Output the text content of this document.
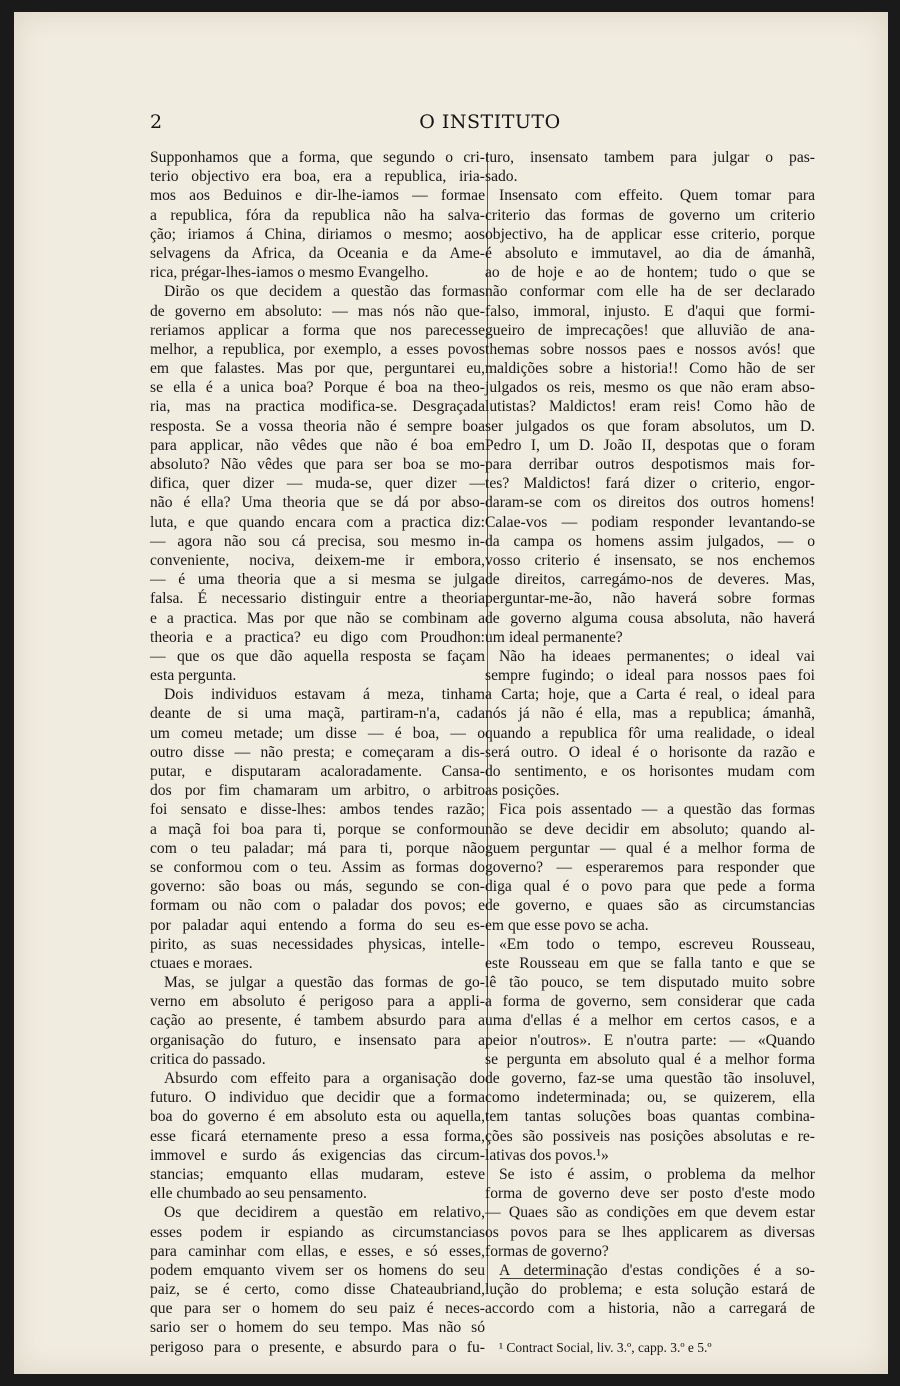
2	O INSTITUTO
Supponhamos que a forma, que segundo o cri-
terio objectivo era boa, era a republica, iria-
mos aos Beduinos e dir-lhe-iamos — formae
a republica, fóra da republica não ha salva-
ção; iriamos á China, diriamos o mesmo; aos
selvagens da Africa, da Oceania e da Ame-
rica, prégar-lhes-iamos o mesmo Evangelho.
Dirão os que decidem a questão das formas
de governo em absoluto: — mas nós não que-
reriamos applicar a forma que nos parecesse
melhor, a republica, por exemplo, a esses povos
em que falastes. Mas por que, perguntarei eu,
se ella é a unica boa? Porque é boa na theo-
ria, mas na practica modifica-se. Desgraçada
resposta. Se a vossa theoria não é sempre boa
para applicar, não vêdes que não é boa em
absoluto? Não vêdes que para ser boa se mo-
difica, quer dizer — muda-se, quer dizer —
não é ella? Uma theoria que se dá por abso-
luta, e que quando encara com a practica diz:
— agora não sou cá precisa, sou mesmo in-
conveniente, nociva, deixem-me ir embora,
— é uma theoria que a si mesma se julga
falsa. É necessario distinguir entre a theoria
e a practica. Mas por que não se combinam a
theoria e a practica? eu digo com Proudhon:
— que os que dão aquella resposta se façam
esta pergunta.
Dois individuos estavam á meza, tinham
deante de si uma maçã, partiram-n'a, cada
um comeu metade; um disse — é boa, — o
outro disse — não presta; e começaram a dis-
putar, e disputaram acaloradamente. Cansa-
dos por fim chamaram um arbitro, o arbitro
foi sensato e disse-lhes: ambos tendes razão;
a maçã foi boa para ti, porque se conformou
com o teu paladar; má para ti, porque não
se conformou com o teu. Assim as formas do
governo: são boas ou más, segundo se con-
formam ou não com o paladar dos povos; e
por paladar aqui entendo a forma do seu es-
pirito, as suas necessidades physicas, intelle-
ctuaes e moraes.
Mas, se julgar a questão das formas de go-
verno em absoluto é perigoso para a appli-
cação ao presente, é tambem absurdo para a
organisação do futuro, e insensato para a
critica do passado.
Absurdo com effeito para a organisação do
futuro. O individuo que decidir que a forma
boa do governo é em absoluto esta ou aquella,
esse ficará eternamente preso a essa forma,
immovel e surdo ás exigencias das circum-
stancias; emquanto ellas mudaram, esteve
elle chumbado ao seu pensamento.
Os que decidirem a questão em relativo,
esses podem ir espiando as circumstancias
para caminhar com ellas, e esses, e só esses,
podem emquanto vivem ser os homens do seu
paiz, se é certo, como disse Chateaubriand,
que para ser o homem do seu paiz é neces-
sario ser o homem do seu tempo. Mas não só
perigoso para o presente, e absurdo para o fu-
turo, insensato tambem para julgar o pas-
sado.
Insensato com effeito. Quem tomar para
criterio das formas de governo um criterio
objectivo, ha de applicar esse criterio, porque
é absoluto e immutavel, ao dia de ámanhã,
ao de hoje e ao de hontem; tudo o que se
não conformar com elle ha de ser declarado
falso, immoral, injusto. E d'aqui que formi-
gueiro de imprecações! que alluvião de ana-
themas sobre nossos paes e nossos avós! que
maldições sobre a historia!! Como hão de ser
julgados os reis, mesmo os que não eram abso-
lutistas? Maldictos! eram reis! Como hão de
ser julgados os que foram absolutos, um D.
Pedro I, um D. João II, despotas que o foram
para derribar outros despotismos mais for-
tes? Maldictos! fará dizer o criterio, engor-
daram-se com os direitos dos outros homens!
Calae-vos — podiam responder levantando-se
da campa os homens assim julgados, — o
vosso criterio é insensato, se nos enchemos
de direitos, carregámo-nos de deveres. Mas,
perguntar-me-ão, não haverá sobre formas
de governo alguma cousa absoluta, não haverá
um ideal permanente?
Não ha ideaes permanentes; o ideal vai
sempre fugindo; o ideal para nossos paes foi
a Carta; hoje, que a Carta é real, o ideal para
nós já não é ella, mas a republica; ámanhã,
quando a republica fôr uma realidade, o ideal
será outro. O ideal é o horisonte da razão e
do sentimento, e os horisontes mudam com
as posições.
Fica pois assentado — a questão das formas
não se deve decidir em absoluto; quando al-
guem perguntar — qual é a melhor forma de
governo? — esperaremos para responder que
diga qual é o povo para que pede a forma
de governo, e quaes são as circumstancias
em que esse povo se acha.
«Em todo o tempo, escreveu Rousseau,
este Rousseau em que se falla tanto e que se
lê tão pouco, se tem disputado muito sobre
a forma de governo, sem considerar que cada
uma d'ellas é a melhor em certos casos, e a
peior n'outros». E n'outra parte: — «Quando
se pergunta em absoluto qual é a melhor forma
de governo, faz-se uma questão tão insoluvel,
como indeterminada; ou, se quizerem, ella
tem tantas soluções boas quantas combina-
ções são possiveis nas posições absolutas e re-
lativas dos povos.¹»
Se isto é assim, o problema da melhor
forma de governo deve ser posto d'este modo
— Quaes são as condições em que devem estar
os povos para se lhes applicarem as diversas
formas de governo?
A determinação d'estas condições é a so-
lução do problema; e esta solução estará de
accordo com a historia, não a carregará de
¹ Contract Social, liv. 3.º, capp. 3.º e 5.º
